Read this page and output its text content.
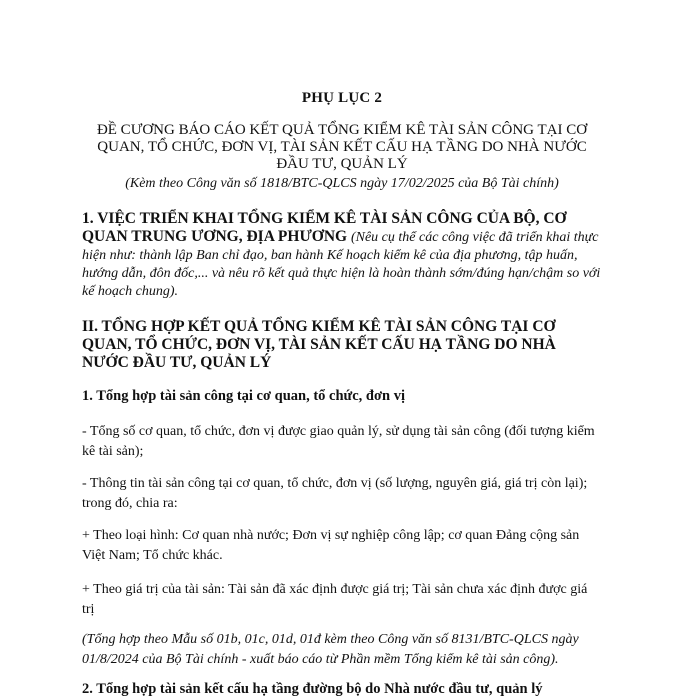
PHỤ LỤC 2

ĐỀ CƯƠNG BÁO CÁO KẾT QUẢ TỔNG KIỂM KÊ TÀI SẢN CÔNG TẠI CƠ QUAN, TỔ CHỨC, ĐƠN VỊ, TÀI SẢN KẾT CẤU HẠ TẦNG DO NHÀ NƯỚC ĐẦU TƯ, QUẢN LÝ

(Kèm theo Công văn số 1818/BTC-QLCS ngày 17/02/2025 của Bộ Tài chính)

1. VIỆC TRIỂN KHAI TỔNG KIỂM KÊ TÀI SẢN CÔNG CỦA BỘ, CƠ QUAN TRUNG ƯƠNG, ĐỊA PHƯƠNG (Nêu cụ thể các công việc đã triển khai thực hiện như: thành lập Ban chỉ đạo, ban hành Kế hoạch kiểm kê của địa phương, tập huấn, hướng dẫn, đôn đốc,... và nêu rõ kết quả thực hiện là hoàn thành sớm/đúng hạn/chậm so với kế hoạch chung).

II. TỔNG HỢP KẾT QUẢ TỔNG KIỂM KÊ TÀI SẢN CÔNG TẠI CƠ QUAN, TỔ CHỨC, ĐƠN VỊ, TÀI SẢN KẾT CẤU HẠ TẦNG DO NHÀ NƯỚC ĐẦU TƯ, QUẢN LÝ

1. Tổng hợp tài sản công tại cơ quan, tổ chức, đơn vị

- Tổng số cơ quan, tổ chức, đơn vị được giao quản lý, sử dụng tài sản công (đối tượng kiểm kê tài sản);

- Thông tin tài sản công tại cơ quan, tổ chức, đơn vị (số lượng, nguyên giá, giá trị còn lại); trong đó, chia ra:

+ Theo loại hình: Cơ quan nhà nước; Đơn vị sự nghiệp công lập; cơ quan Đảng cộng sản Việt Nam; Tổ chức khác.

+ Theo giá trị của tài sản: Tài sản đã xác định được giá trị; Tài sản chưa xác định được giá trị

(Tổng hợp theo Mẫu số 01b, 01c, 01d, 01đ kèm theo Công văn số 8131/BTC-QLCS ngày 01/8/2024 của Bộ Tài chính - xuất báo cáo từ Phần mềm Tổng kiểm kê tài sản công).

2. Tổng hợp tài sản kết cấu hạ tầng đường bộ do Nhà nước đầu tư, quản lý
